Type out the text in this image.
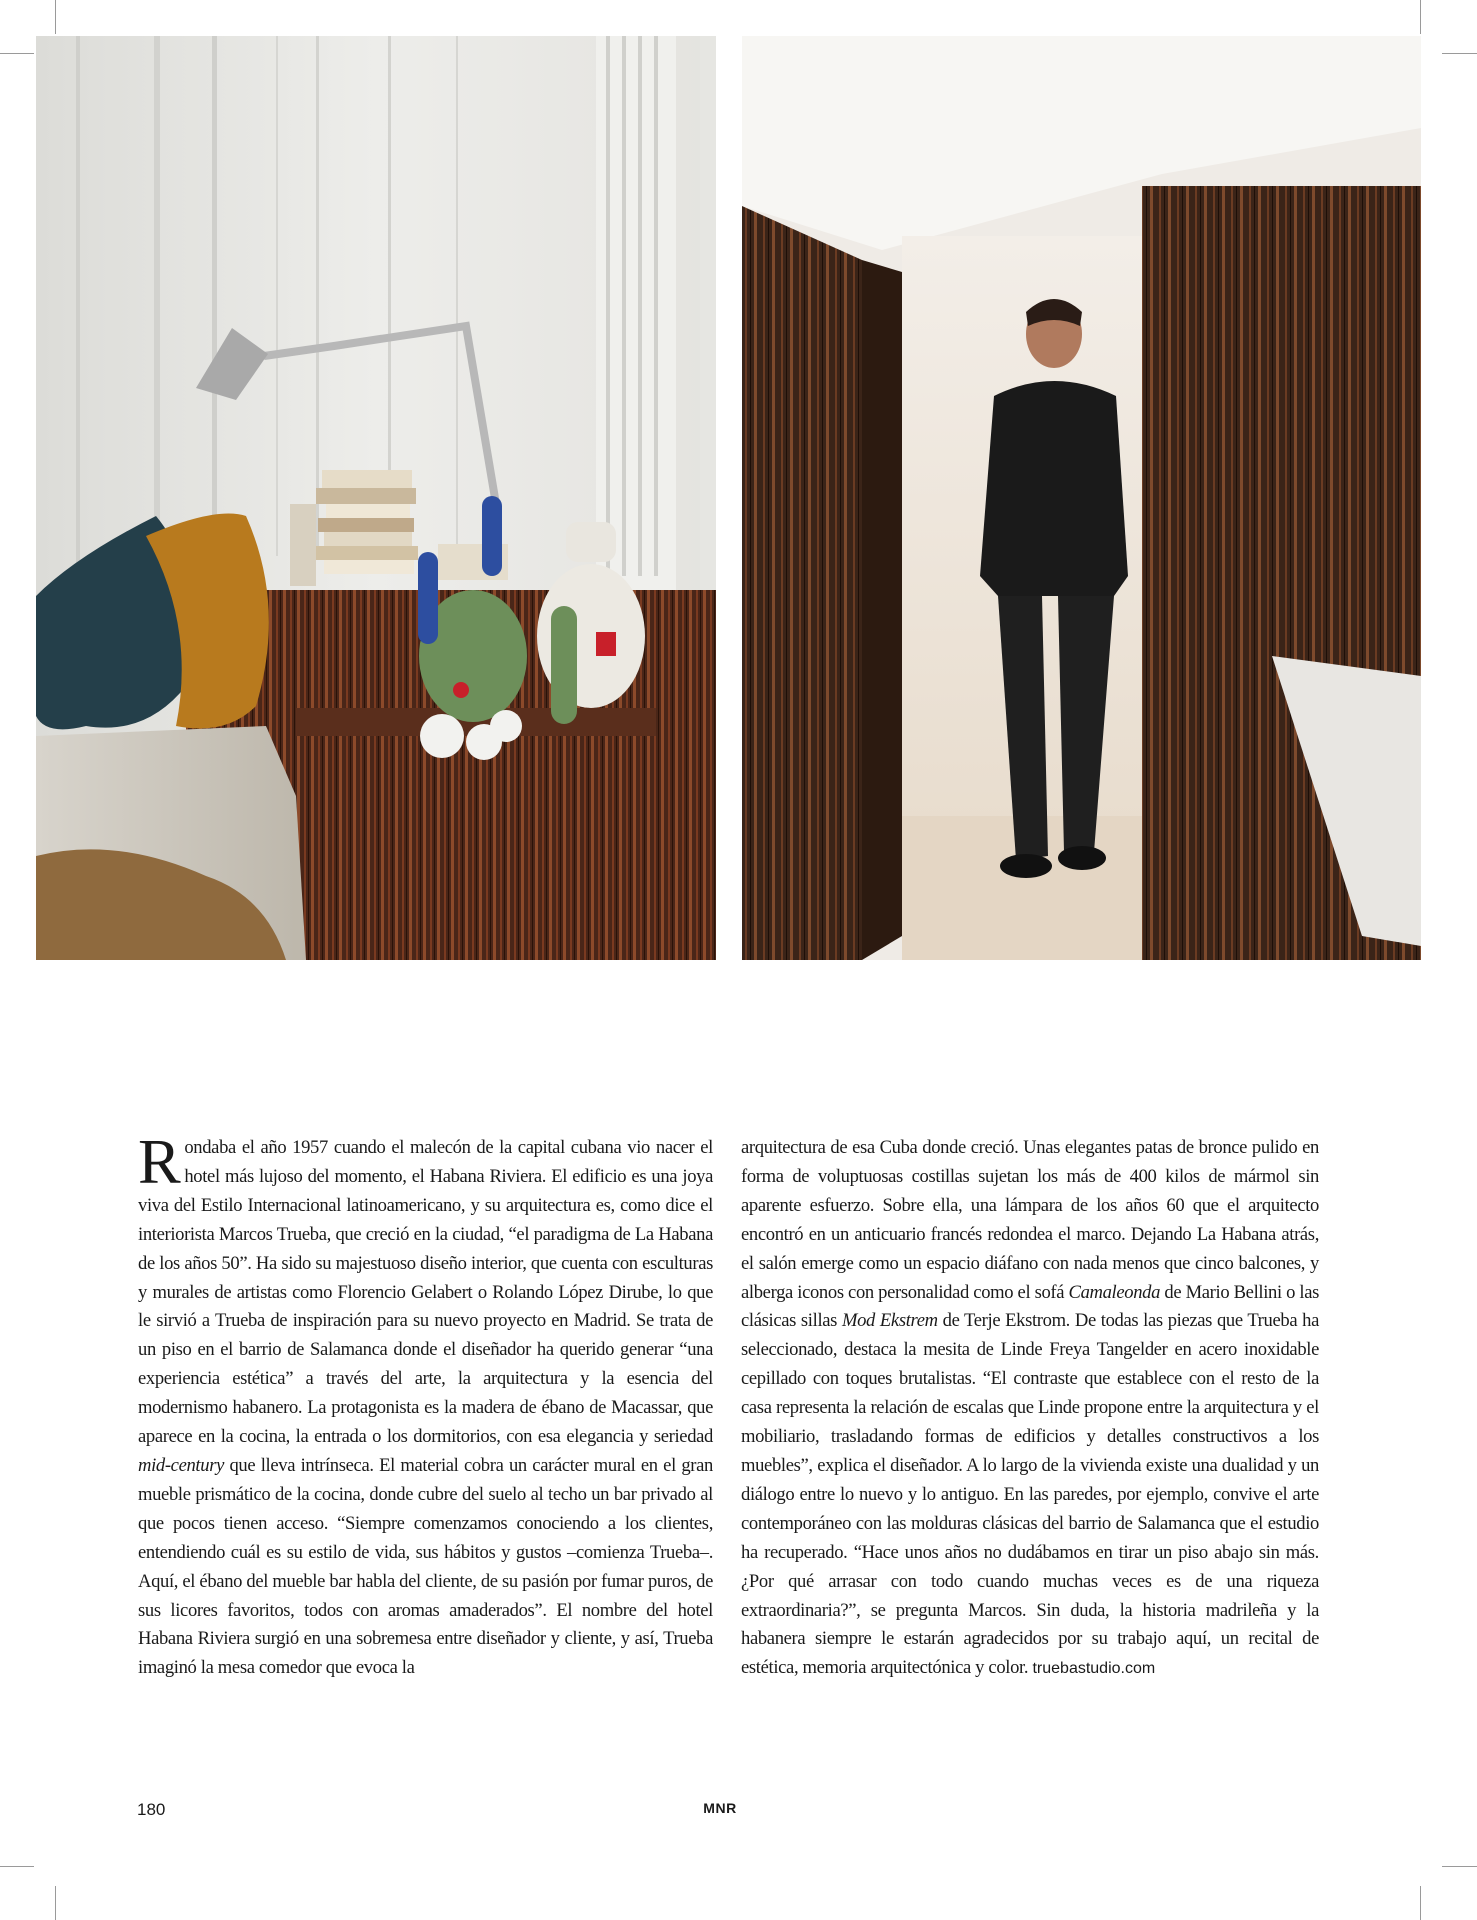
Rondaba el año 1957 cuando el malecón de la capital cubana vio nacer el hotel más lujoso del momento, el Habana Riviera. El edificio es una joya viva del Estilo Internacional latinoamericano, y su arquitectura es, como dice el interiorista Marcos Trueba, que creció en la ciudad, “el paradigma de La Habana de los años 50”. Ha sido su majestuoso diseño interior, que cuenta con esculturas y murales de artistas como Florencio Gelabert o Rolando López Dirube, lo que le sirvió a Trueba de inspiración para su nuevo proyecto en Madrid. Se trata de un piso en el barrio de Salamanca donde el diseñador ha querido generar “una experiencia estética” a través del arte, la arquitectura y la esencia del modernismo habanero. La protagonista es la madera de ébano de Macassar, que aparece en la cocina, la entrada o los dormitorios, con esa elegancia y seriedad mid-century que lleva intrínseca. El material cobra un carácter mural en el gran mueble prismático de la cocina, donde cubre del suelo al techo un bar privado al que pocos tienen acceso. “Siempre comenzamos conociendo a los clientes, entendiendo cuál es su estilo de vida, sus hábitos y gustos –comienza Trueba–. Aquí, el ébano del mueble bar habla del cliente, de su pasión por fumar puros, de sus licores favoritos, todos con aromas amaderados”. El nombre del hotel Habana Riviera surgió en una sobremesa entre diseñador y cliente, y así, Trueba imaginó la mesa comedor que evoca la

arquitectura de esa Cuba donde creció. Unas elegantes patas de bronce pulido en forma de voluptuosas costillas sujetan los más de 400 kilos de mármol sin aparente esfuerzo. Sobre ella, una lámpara de los años 60 que el arquitecto encontró en un anticuario francés redondea el marco. Dejando La Habana atrás, el salón emerge como un espacio diáfano con nada menos que cinco balcones, y alberga iconos con personalidad como el sofá Camaleonda de Mario Bellini o las clásicas sillas Mod Ekstrem de Terje Ekstrom. De todas las piezas que Trueba ha seleccionado, destaca la mesita de Linde Freya Tangelder en acero inoxidable cepillado con toques brutalistas. “El contraste que establece con el resto de la casa representa la relación de escalas que Linde propone entre la arquitectura y el mobiliario, trasladando formas de edificios y detalles constructivos a los muebles”, explica el diseñador. A lo largo de la vivienda existe una dualidad y un diálogo entre lo nuevo y lo antiguo. En las paredes, por ejemplo, convive el arte contemporáneo con las molduras clásicas del barrio de Salamanca que el estudio ha recuperado. “Hace unos años no dudábamos en tirar un piso abajo sin más. ¿Por qué arrasar con todo cuando muchas veces es de una riqueza extraordinaria?”, se pregunta Marcos. Sin duda, la historia madrileña y la habanera siempre le estarán agradecidos por su trabajo aquí, un recital de estética, memoria arquitectónica y color. truebastudio.com

180	MNR
